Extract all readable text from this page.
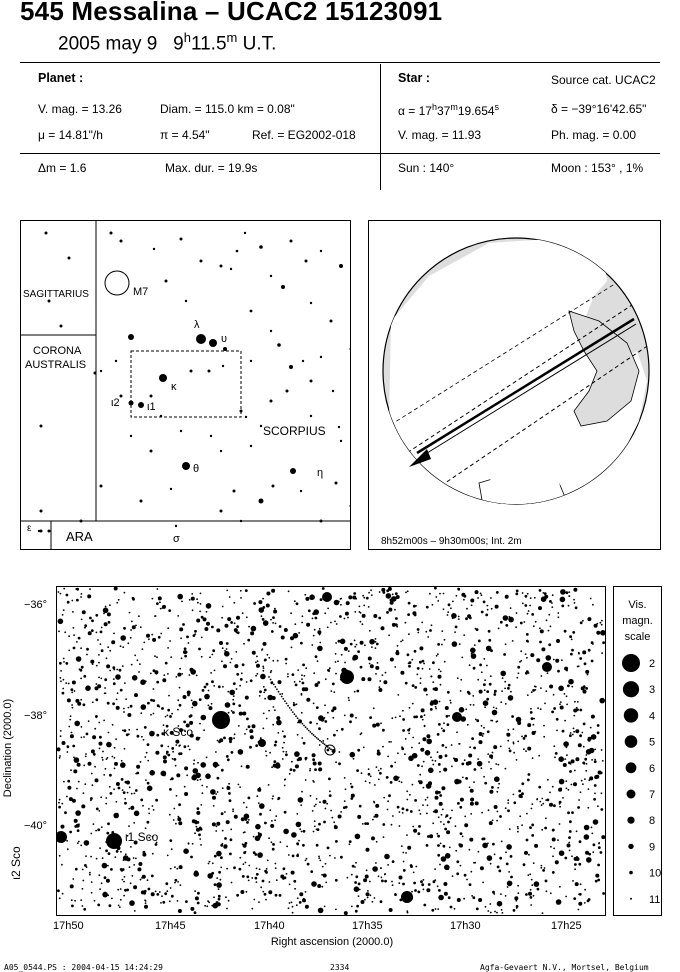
545 Messalina – UCAC2 15123091
2005 may 9 9$^h$11.5$^m$ U.T.
Planet :
V. mag. = 13.26	Diam. = 115.0 km = 0.08"
μ = 14.81"/h	π = 4.54"	Ref. = EG2002-018
Δm = 1.6	Max. dur. = 19.9s
Star :	Source cat. UCAC2
$\alpha = 17^h37^m19.654^s$	δ = −39°16'42.65"
V. mag. = 11.93	Ph. mag. = 0.00
Sun : 140°	Moon : 153° , 1%
SAGITTARIUS
CORONA
AUSTRALIS
SCORPIUS
ARA
M7
λ
υ
κ
ι2 ι1
θ	η
σ
ε
8h52m00s – 9h30m00s; Int. 2m
κ Sco
ι1 Sco
−36°
−38°
−40°
17h50	17h45	17h40	17h35	17h30	17h25
Right ascension (2000.0)
Declination (2000.0)
ι2 Sco
Vis.
magn.
scale
2
3
4
5
6
7
8
9
10
11
A05_0544.PS : 2004-04-15 14:24:29	2334	Agfa-Gevaert N.V., Mortsel, Belgium
